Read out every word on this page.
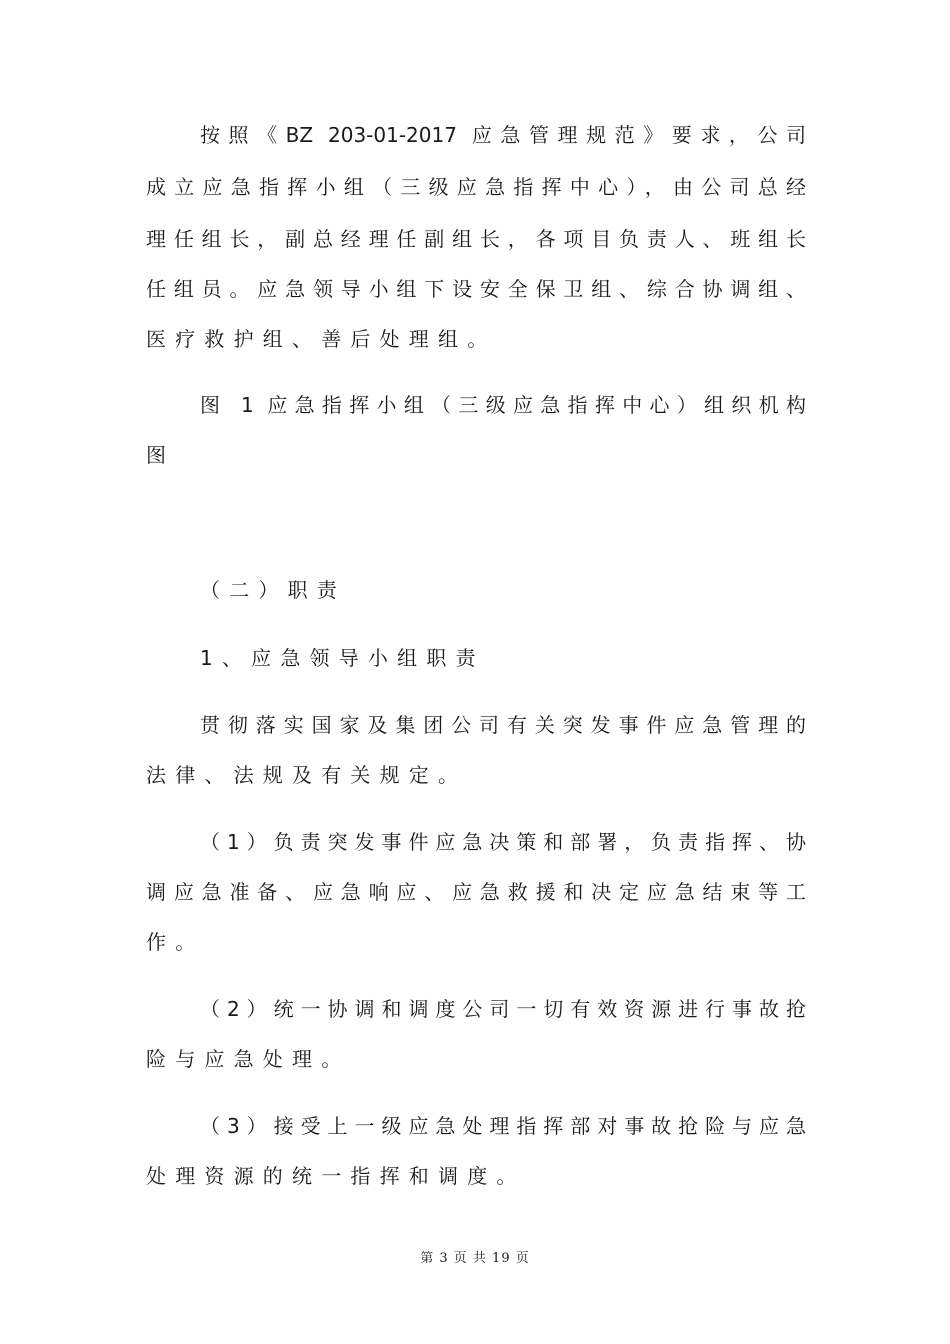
按照《BZ 203-01-2017 应急管理规范》要求，公司
成立应急指挥小组（三级应急指挥中心），由公司总经
理任组长，副总经理任副组长，各项目负责人、班组长
任组员。应急领导小组下设安全保卫组、综合协调组、
医疗救护组、善后处理组。
图 1 应急指挥小组（三级应急指挥中心）组织机构
图
（二）职责
1、应急领导小组职责
贯彻落实国家及集团公司有关突发事件应急管理的
法律、法规及有关规定。
（1）负责突发事件应急决策和部署，负责指挥、协
调应急准备、应急响应、应急救援和决定应急结束等工
作。
（2）统一协调和调度公司一切有效资源进行事故抢
险与应急处理。
（3）接受上一级应急处理指挥部对事故抢险与应急
处理资源的统一指挥和调度。
第 3 页 共 19 页
